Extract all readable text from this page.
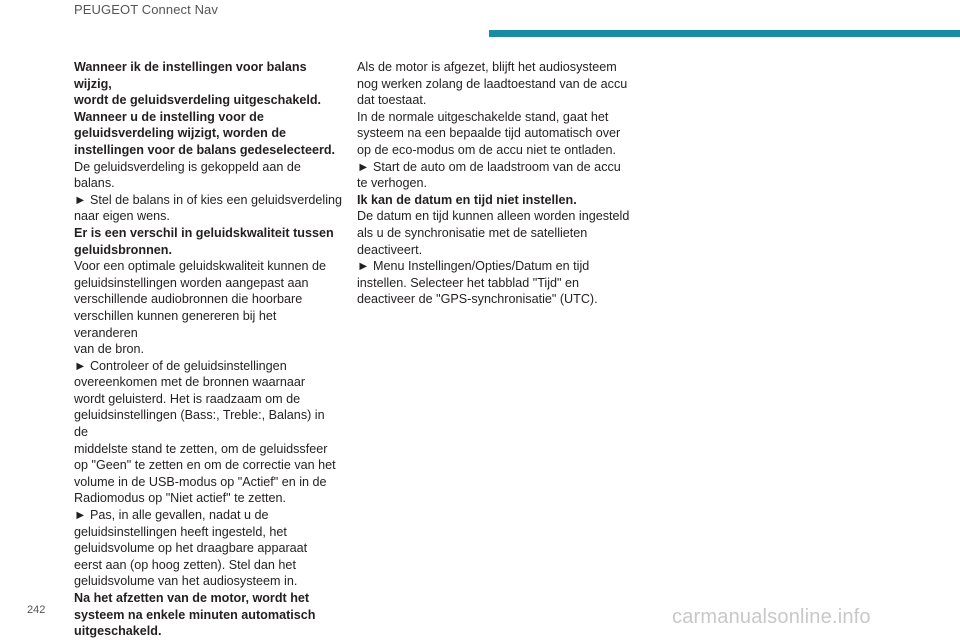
PEUGEOT Connect Nav

Wanneer ik de instellingen voor balans wijzig,
wordt de geluidsverdeling uitgeschakeld.
Wanneer u de instelling voor de
geluidsverdeling wijzigt, worden de
instellingen voor de balans gedeselecteerd.

De geluidsverdeling is gekoppeld aan de balans.
► Stel de balans in of kies een geluidsverdeling
naar eigen wens.

Er is een verschil in geluidskwaliteit tussen
geluidsbronnen.

Voor een optimale geluidskwaliteit kunnen de
geluidsinstellingen worden aangepast aan
verschillende audiobronnen die hoorbare
verschillen kunnen genereren bij het veranderen
van de bron.
► Controleer of de geluidsinstellingen
overeenkomen met de bronnen waarnaar
wordt geluisterd. Het is raadzaam om de
geluidsinstellingen (Bass:, Treble:, Balans) in de
middelste stand te zetten, om de geluidssfeer
op "Geen" te zetten en om de correctie van het
volume in de USB-modus op "Actief" en in de
Radiomodus op "Niet actief" te zetten.
► Pas, in alle gevallen, nadat u de
geluidsinstellingen heeft ingesteld, het
geluidsvolume op het draagbare apparaat
eerst aan (op hoog zetten). Stel dan het
geluidsvolume van het audiosysteem in.

Na het afzetten van de motor, wordt het
systeem na enkele minuten automatisch
uitgeschakeld.

Als de motor is afgezet, blijft het audiosysteem
nog werken zolang de laadtoestand van de accu
dat toestaat.
In de normale uitgeschakelde stand, gaat het
systeem na een bepaalde tijd automatisch over
op de eco-modus om de accu niet te ontladen.
► Start de auto om de laadstroom van de accu
te verhogen.

Ik kan de datum en tijd niet instellen.

De datum en tijd kunnen alleen worden ingesteld
als u de synchronisatie met de satellieten
deactiveert.
► Menu Instellingen/Opties/Datum en tijd
instellen. Selecteer het tabblad "Tijd" en
deactiveer de "GPS-synchronisatie" (UTC).

242	carmanualsonline.info
